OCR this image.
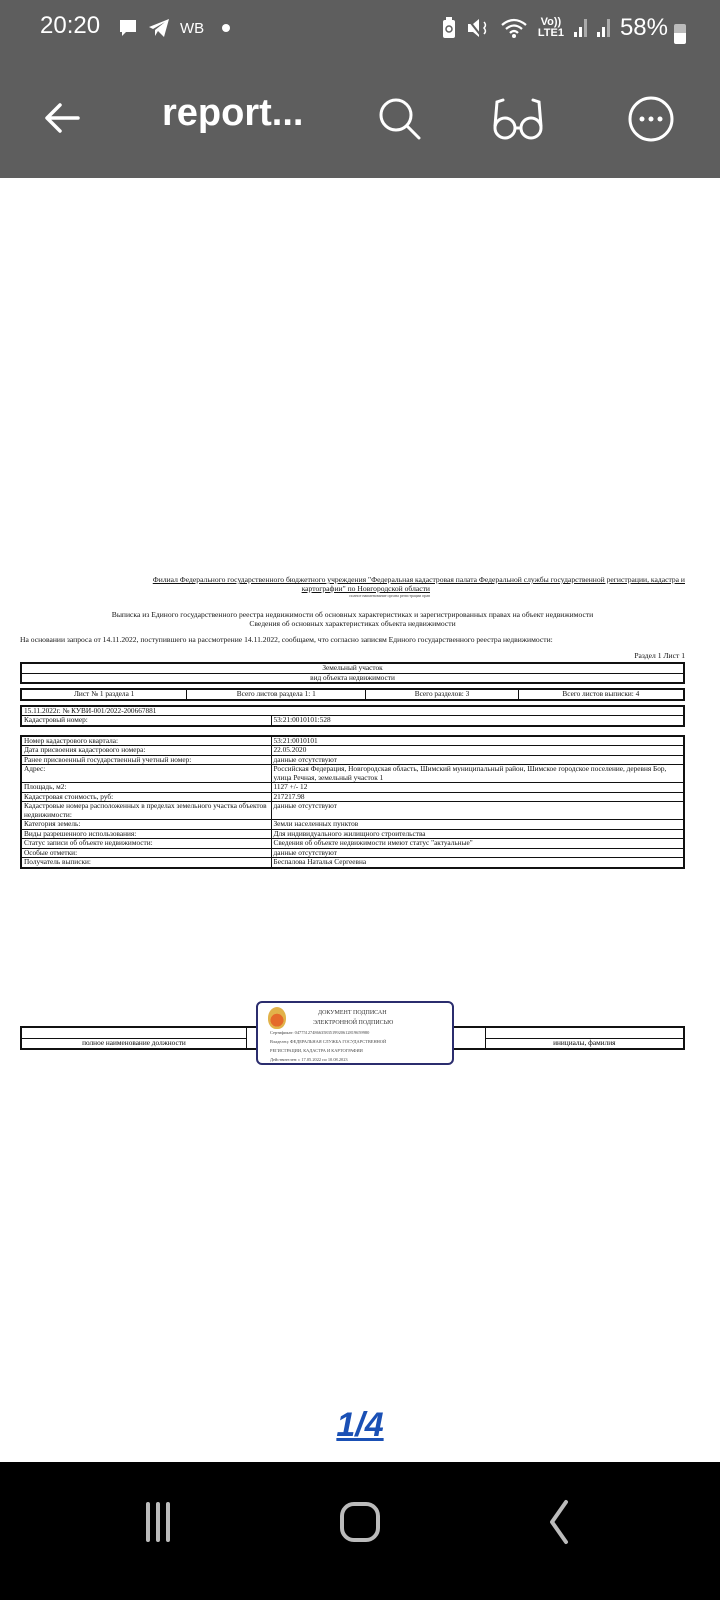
20:20	WB	Vo))
LTE1 58%
report...
Филиал Федерального государственного бюджетного учреждения "Федеральная кадастровая палата Федеральной службы государственной регистрации, кадастра и
картографии" по Новгородской области
полное наименование органа регистрации прав
Выписка из Единого государственного реестра недвижимости об основных характеристиках и зарегистрированных правах на объект недвижимости
Сведения об основных характеристиках объекта недвижимости
На основании запроса от 14.11.2022, поступившего на рассмотрение 14.11.2022, сообщаем, что согласно записям Единого государственного реестра недвижимости:
Раздел 1 Лист 1
Земельный участок
вид объекта недвижимости
Лист № 1 раздела 1	Всего листов раздела 1: 1	Всего разделов: 3	Всего листов выписки: 4
15.11.2022г. № КУВИ-001/2022-200667881
Кадастровый номер:	53:21:0010101:528
Номер кадастрового квартала:	53:21:0010101
Дата присвоения кадастрового номера:	22.05.2020
Ранее присвоенный государственный учетный номер:	данные отсутствуют
Адрес:	Российская Федерация, Новгородская область, Шимский муниципальный район, Шимское городское поселение, деревня Бор, улица Речная, земельный участок 1
Площадь, м2:	1127 +/- 12
Кадастровая стоимость, руб:	217217.98
Кадастровые номера расположенных в пределах земельного участка объектов недвижимости:	данные отсутствуют
Категория земель:	Земли населенных пунктов
Виды разрешенного использования:	Для индивидуального жилищного строительства
Статус записи об объекте недвижимости:	Сведения об объекте недвижимости имеют статус "актуальные"
Особые отметки:	данные отсутствуют
Получатель выписки:	Беспалова Наталья Сергеевна

полное наименование должности		инициалы, фамилия
ДОКУМЕНТ ПОДПИСАН
ЭЛЕКТРОННОЙ ПОДПИСЬЮ
Сертификат: 0477512748663583519920612819659980
Владелец: ФЕДЕРАЛЬНАЯ СЛУЖБА ГОСУДАРСТВЕННОЙ
РЕГИСТРАЦИИ, КАДАСТРА И КАРТОГРАФИИ
Действителен: с 17.05.2022 по 10.08.2023
1/4
